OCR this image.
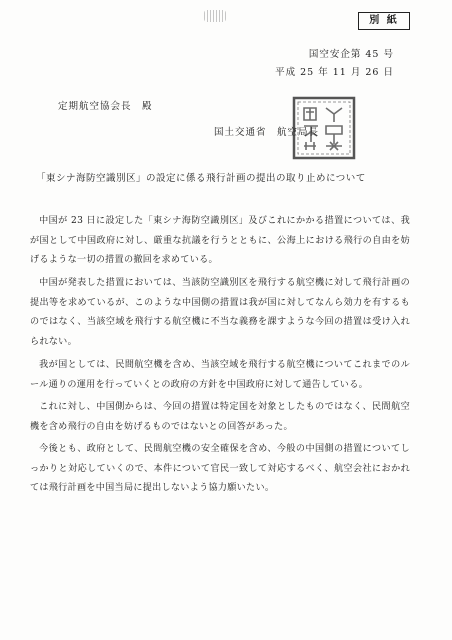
別 紙
国空安企第 45 号
平成 25 年 11 月 26 日
定期航空協会長　殿
国土交通省　航空局長
「東シナ海防空識別区」の設定に係る飛行計画の提出の取り止めについて
中国が 23 日に設定した「東シナ海防空識別区」及びこれにかかる措置については、我が国として中国政府に対し、厳重な抗議を行うとともに、公海上における飛行の自由を妨げるような一切の措置の撤回を求めている。
中国が発表した措置においては、当該防空識別区を飛行する航空機に対して飛行計画の提出等を求めているが、このような中国側の措置は我が国に対してなんら効力を有するものではなく、当該空域を飛行する航空機に不当な義務を課すような今回の措置は受け入れられない。
我が国としては、民間航空機を含め、当該空域を飛行する航空機についてこれまでのルール通りの運用を行っていくとの政府の方針を中国政府に対して通告している。
これに対し、中国側からは、今回の措置は特定国を対象としたものではなく、民間航空機を含め飛行の自由を妨げるものではないとの回答があった。
今後とも、政府として、民間航空機の安全確保を含め、今般の中国側の措置についてしっかりと対応していくので、本件について官民一致して対応するべく、航空会社におかれては飛行計画を中国当局に提出しないよう協力願いたい。
